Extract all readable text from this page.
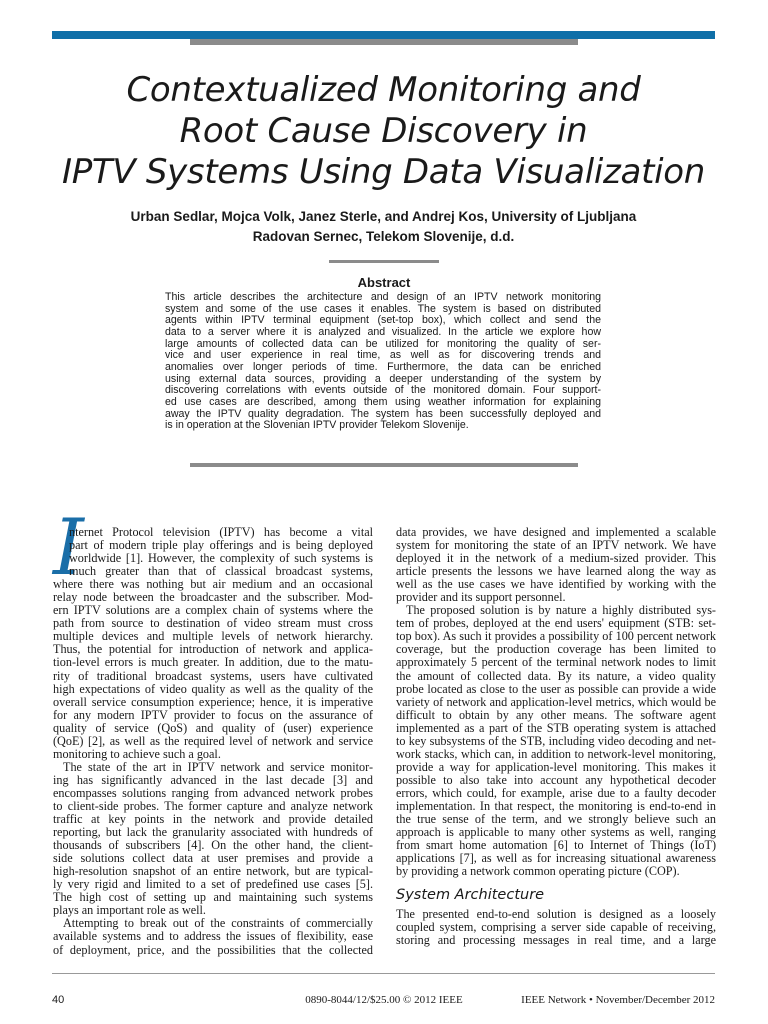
Contextualized Monitoring and
Root Cause Discovery in
IPTV Systems Using Data Visualization
Urban Sedlar, Mojca Volk, Janez Sterle, and Andrej Kos, University of Ljubljana
Radovan Sernec, Telekom Slovenije, d.d.
Abstract
This article describes the architecture and design of an IPTV network monitoring
system and some of the use cases it enables. The system is based on distributed
agents within IPTV terminal equipment (set-top box), which collect and send the
data to a server where it is analyzed and visualized. In the article we explore how
large amounts of collected data can be utilized for monitoring the quality of ser-
vice and user experience in real time, as well as for discovering trends and
anomalies over longer periods of time. Furthermore, the data can be enriched
using external data sources, providing a deeper understanding of the system by
discovering correlations with events outside of the monitored domain. Four support-
ed use cases are described, among them using weather information for explaining
away the IPTV quality degradation. The system has been successfully deployed and
is in operation at the Slovenian IPTV provider Telekom Slovenije.
I
nternet Protocol television (IPTV) has become a vital
part of modern triple play offerings and is being deployed
worldwide [1]. However, the complexity of such systems is
much greater than that of classical broadcast systems,
where there was nothing but air medium and an occasional
relay node between the broadcaster and the subscriber. Mod-
ern IPTV solutions are a complex chain of systems where the
path from source to destination of video stream must cross
multiple devices and multiple levels of network hierarchy.
Thus, the potential for introduction of network and applica-
tion-level errors is much greater. In addition, due to the matu-
rity of traditional broadcast systems, users have cultivated
high expectations of video quality as well as the quality of the
overall service consumption experience; hence, it is imperative
for any modern IPTV provider to focus on the assurance of
quality of service (QoS) and quality of (user) experience
(QoE) [2], as well as the required level of network and service
monitoring to achieve such a goal.
The state of the art in IPTV network and service monitor-
ing has significantly advanced in the last decade [3] and
encompasses solutions ranging from advanced network probes
to client-side probes. The former capture and analyze network
traffic at key points in the network and provide detailed
reporting, but lack the granularity associated with hundreds of
thousands of subscribers [4]. On the other hand, the client-
side solutions collect data at user premises and provide a
high-resolution snapshot of an entire network, but are typical-
ly very rigid and limited to a set of predefined use cases [5].
The high cost of setting up and maintaining such systems
plays an important role as well.
Attempting to break out of the constraints of commercially
available systems and to address the issues of flexibility, ease
of deployment, price, and the possibilities that the collected
data provides, we have designed and implemented a scalable
system for monitoring the state of an IPTV network. We have
deployed it in the network of a medium-sized provider. This
article presents the lessons we have learned along the way as
well as the use cases we have identified by working with the
provider and its support personnel.
The proposed solution is by nature a highly distributed sys-
tem of probes, deployed at the end users' equipment (STB: set-
top box). As such it provides a possibility of 100 percent network
coverage, but the production coverage has been limited to
approximately 5 percent of the terminal network nodes to limit
the amount of collected data. By its nature, a video quality
probe located as close to the user as possible can provide a wide
variety of network and application-level metrics, which would be
difficult to obtain by any other means. The software agent
implemented as a part of the STB operating system is attached
to key subsystems of the STB, including video decoding and net-
work stacks, which can, in addition to network-level monitoring,
provide a way for application-level monitoring. This makes it
possible to also take into account any hypothetical decoder
errors, which could, for example, arise due to a faulty decoder
implementation. In that respect, the monitoring is end-to-end in
the true sense of the term, and we strongly believe such an
approach is applicable to many other systems as well, ranging
from smart home automation [6] to Internet of Things (IoT)
applications [7], as well as for increasing situational awareness
by providing a network common operating picture (COP).
System Architecture
The presented end-to-end solution is designed as a loosely
coupled system, comprising a server side capable of receiving,
storing and processing messages in real time, and a large
40	0890-8044/12/$25.00 © 2012 IEEE	IEEE Network • November/December 2012
